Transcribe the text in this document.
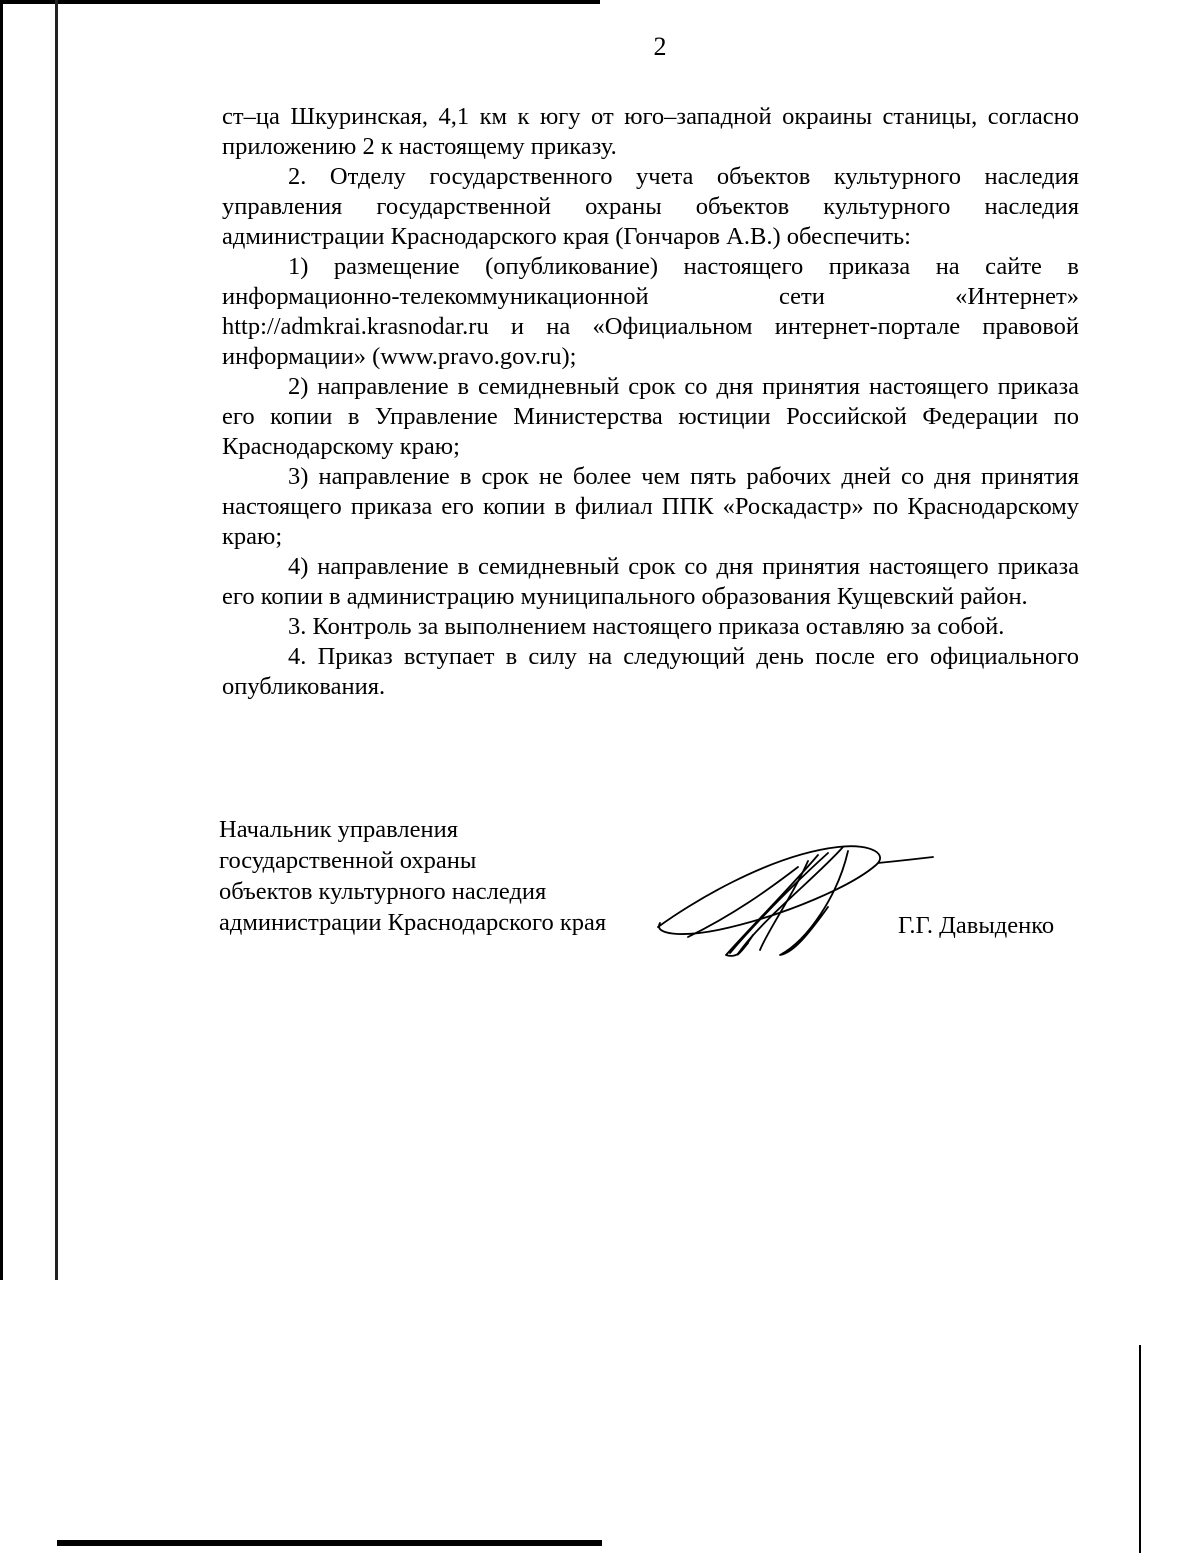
2

ст–ца Шкуринская, 4,1 км к югу от юго–западной окраины станицы, согласно приложению 2 к настоящему приказу.

2. Отделу государственного учета объектов культурного наследия управления государственной охраны объектов культурного наследия администрации Краснодарского края (Гончаров А.В.) обеспечить:

1) размещение (опубликование) настоящего приказа на сайте в информационно-телекоммуникационной сети «Интернет» http://admkrai.krasnodar.ru и на «Официальном интернет-портале правовой информации» (www.pravo.gov.ru);

2) направление в семидневный срок со дня принятия настоящего приказа его копии в Управление Министерства юстиции Российской Федерации по Краснодарскому краю;

3) направление в срок не более чем пять рабочих дней со дня принятия настоящего приказа его копии в филиал ППК «Роскадастр» по Краснодарскому краю;

4) направление в семидневный срок со дня принятия настоящего приказа его копии в администрацию муниципального образования Кущевский район.

3. Контроль за выполнением настоящего приказа оставляю за собой.

4. Приказ вступает в силу на следующий день после его официального опубликования.

Начальник управления
государственной охраны
объектов культурного наследия
администрации Краснодарского края	Г.Г. Давыденко
